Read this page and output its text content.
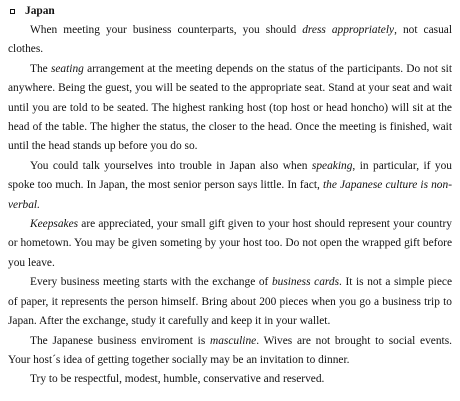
Japan

When meeting your business counterparts, you should dress appropriately, not casual clothes.

The seating arrangement at the meeting depends on the status of the participants. Do not sit anywhere. Being the guest, you will be seated to the appropriate seat. Stand at your seat and wait until you are told to be seated. The highest ranking host (top host or head honcho) will sit at the head of the table. The higher the status, the closer to the head. Once the meeting is finished, wait until the head stands up before you do so.

You could talk yourselves into trouble in Japan also when speaking, in particular, if you spoke too much. In Japan, the most senior person says little. In fact, the Japanese culture is non-verbal.

Keepsakes are appreciated, your small gift given to your host should represent your country or hometown. You may be given someting by your host too. Do not open the wrapped gift before you leave.

Every business meeting starts with the exchange of business cards. It is not a simple piece of paper, it represents the person himself. Bring about 200 pieces when you go a business trip to Japan. After the exchange, study it carefully and keep it in your wallet.

The Japanese business enviroment is masculine. Wives are not brought to social events. Your host´s idea of getting together socially may be an invitation to dinner.

Try to be respectful, modest, humble, conservative and reserved.
